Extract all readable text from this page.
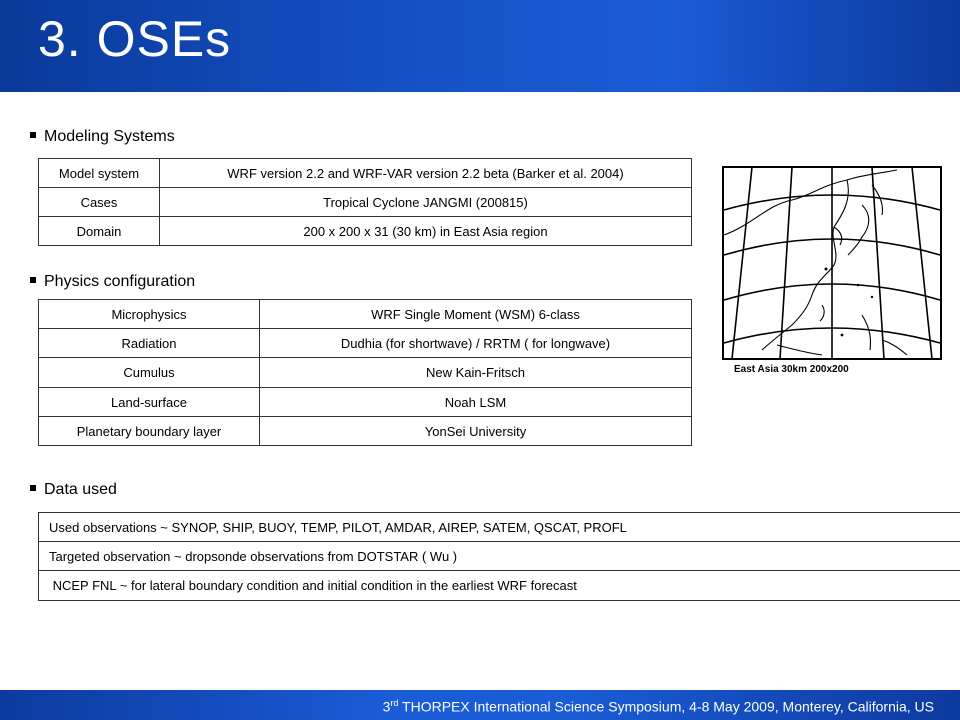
3. OSEs
Modeling Systems
Model system	WRF version 2.2 and WRF-VAR version 2.2 beta (Barker et al. 2004)
Cases	Tropical Cyclone JANGMI (200815)
Domain	200 x 200 x 31 (30 km) in East Asia region
Physics configuration
Microphysics	WRF Single Moment (WSM) 6-class
Radiation	Dudhia (for shortwave) / RRTM ( for longwave)
Cumulus	New Kain-Fritsch
Land-surface	Noah LSM
Planetary boundary layer	YonSei University
East Asia 30km 200x200
Data used
Used observations ~ SYNOP, SHIP, BUOY, TEMP, PILOT, AMDAR, AIREP, SATEM, QSCAT, PROFL
Targeted observation ~ dropsonde observations from DOTSTAR ( Wu )
NCEP FNL ~ for lateral boundary condition and initial condition in the earliest WRF forecast
3rd THORPEX International Science Symposium, 4-8 May 2009, Monterey, California, US
